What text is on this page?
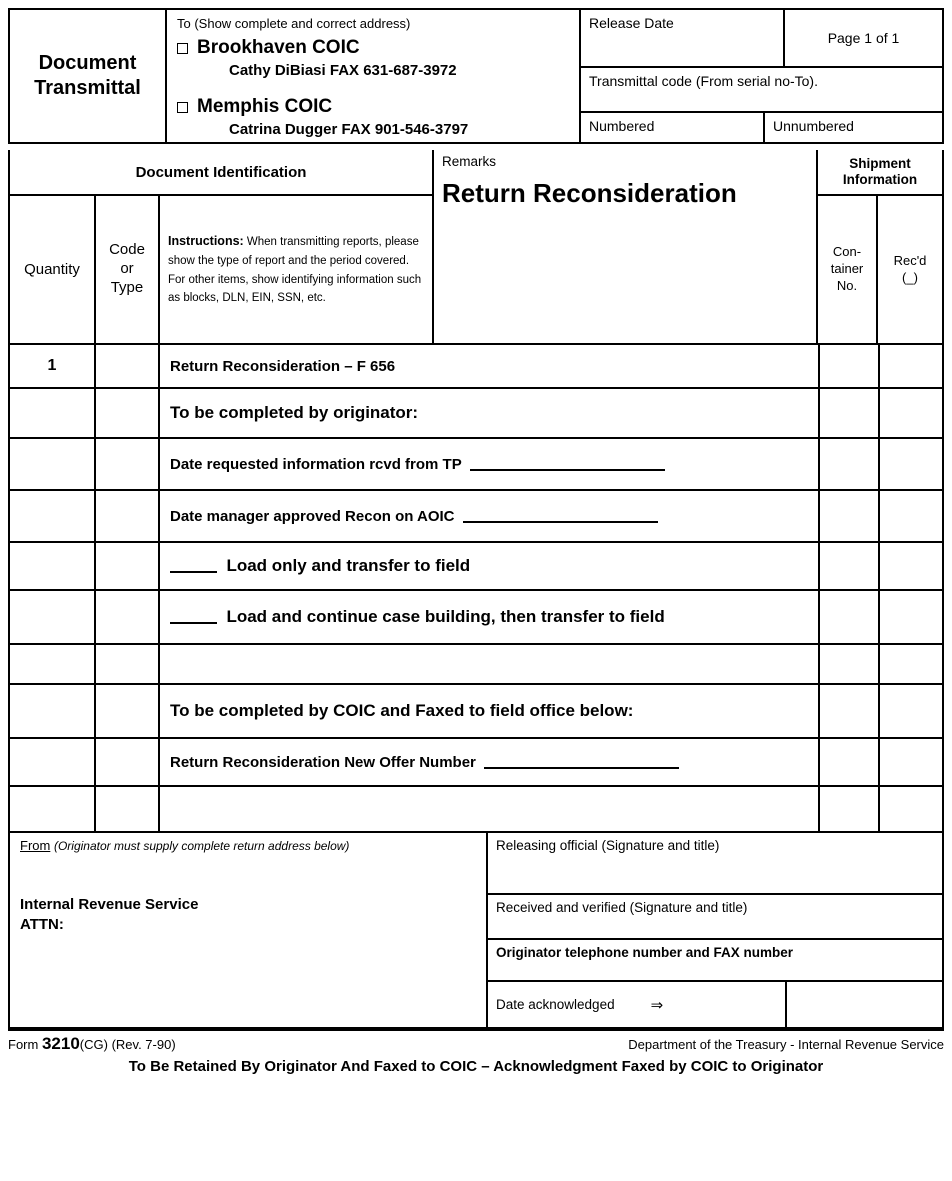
Document
Transmittal
To (Show complete and correct address)
Brookhaven COIC
Cathy DiBiasi FAX 631-687-3972
Memphis COIC
Catrina Dugger FAX 901-546-3797
Release Date
Page 1 of 1
Transmittal code (From serial no-To).
Numbered	Unnumbered
Document Identification
Quantity
Code
or
Type
Instructions: When transmitting reports, please show the type of report and the period covered. For other items, show identifying information such as blocks, DLN, EIN, SSN, etc.
Remarks
Return Reconsideration
Shipment
Information
Con-
tainer
No.
Rec'd
(_)
1	Return Reconsideration – F 656
To be completed by originator:
Date requested information rcvd from TP
Date manager approved Recon on AOIC
Load only and transfer to field
Load and continue case building, then transfer to field
To be completed by COIC and Faxed to field office below:
Return Reconsideration New Offer Number
From (Originator must supply complete return address below)
Internal Revenue Service
ATTN:
Releasing official (Signature and title)
Received and verified (Signature and title)
Originator telephone number and FAX number
Date acknowledged ⇒
Form 3210(CG) (Rev. 7-90)	Department of the Treasury - Internal Revenue Service
To Be Retained By Originator And Faxed to COIC – Acknowledgment Faxed by COIC to Originator
